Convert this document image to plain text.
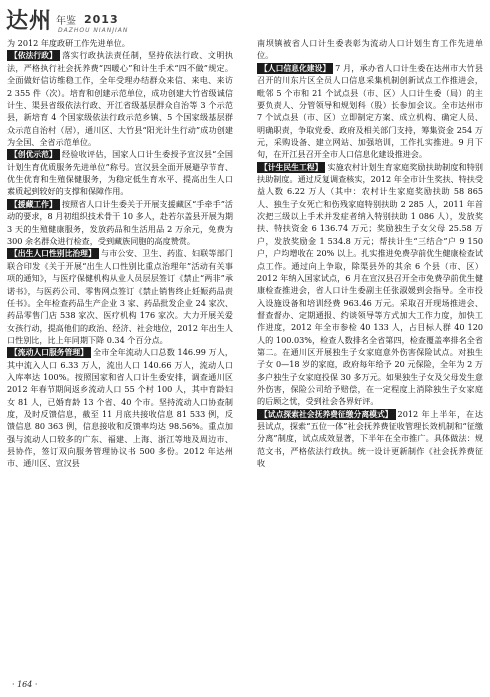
达州 年鉴 2013
DAZHOU NIANJIAN

为 2012 年度政研工作先进单位。

【依法行政】 落实行政执法责任制，坚持依法行政、文明执法，严格执行社会抚养费“四暖心”和计生手术“四不做”规定。全面做好信访维稳工作，全年受理办结群众来信、来电、来访 2 355 件（次）。培育和创建示范单位，成功创建大竹省级诚信计生、渠县省级依法行政、开江省级基层群众自治等 3 个示范县，新培育 4 个国家级依法行政示范乡镇、5 个国家级基层群众示范自治村（居），通川区、大竹县“阳光计生行动”成功创建为全国、全省示范单位。

【创优示范】 经验收评估，国家人口计生委授予宣汉县“全国计划生育优质服务先进单位”称号。宣汉县全面开展避孕节育、优生优育和生殖保健服务，为稳定低生育水平、提高出生人口素质起到较好的支撑和保障作用。

【援藏工作】 按照省人口计生委关于开展支援藏区“手牵手”活动的要求，8 月初组织技术骨干 10 多人，赴若尔盖县开展为期 3 天的生殖健康服务，发放药品和生活用品 2 万余元，免费为 300 余名群众进行检查，受到藏族同胞的高度赞赏。

【出生人口性别比治理】 与市公安、卫生、药监、妇联等部门联合印发《关于开展“出生人口性别比重点治理年”活动有关事项的通知》，与医疗保健机构从业人员层层签订《禁止“两非”承诺书》，与医药公司、零售网点签订《禁止销售终止妊娠药品责任书》。全年检查药品生产企业 3 家、药品批发企业 24 家次、药品零售门店 538 家次、医疗机构 176 家次。大力开展关爱女孩行动，提高他们的政治、经济、社会地位，2012 年出生人口性别比，比上年同期下降 0.34 个百分点。

【流动人口服务管理】 全市全年流动人口总数 146.99 万人，其中流入人口 6.33 万人，流出人口 140.66 万人，流动人口入库率达 100%。按照国家和省人口计生委安排，调查通川区 2012 年春节期间返乡流动人口 55 个村 100 人，其中育龄妇女 81 人，已婚育龄 13 个省、40 个市。坚持流动人口协查制度，及时反馈信息，截至 11 月底共接收信息 81 533 例，反馈信息 80 363 例，信息接收和反馈率均达 98.56%。重点加强与流动人口较多的广东、福建、上海、浙江等地及周边市、县协作，签订双向服务管理协议书 500 多份。2012 年达州市、通川区、宣汉县

南坝镇被省人口计生委表彰为流动人口计划生育工作先进单位。

【人口信息化建设】 7 月，承办省人口计生委在达州市大竹县召开的川东片区全员人口信息采集机制创新试点工作推进会，毗邻 5 个市和 21 个试点县（市、区）人口计生委（局）的主要负责人、分管领导和规划科（股）长参加会议。全市达州市 7 个试点县（市、区）立即制定方案、成立机构、确定人员、明确职责，争取党委、政府及相关部门支持，筹集资金 254 万元，采购设备、建立网站、加强培训，工作扎实推进。9 月下旬，在开江县召开全市人口信息化建设推进会。

【计生民生工程】 实施农村计划生育家庭奖励扶助制度和特别扶助制度。通过反复调查核实，2012 年全市计生奖扶、特扶受益人数 6.22 万人（其中：农村计生家庭奖励扶助 58 865 人、独生子女死亡和伤残家庭特别扶助 2 285 人，2011 年首次把三级以上手术并发症者纳入特别扶助 1 086 人），发放奖扶、特扶资金 6 136.74 万元；奖励独生子女父母 25.58 万户，发放奖励金 1 534.8 万元；帮扶计生“三结合”户 9 150 户，户均增收在 20% 以上。扎实推进免费孕前优生健康检查试点工作。通过向上争取，除渠县外的其余 6 个县（市、区）2012 年纳入国家试点，6 月在宣汉县召开全市免费孕前优生健康检查推进会，省人口计生委副主任张淑媛到会指导。全市投入设施设备和培训经费 963.46 万元。采取召开现场推进会、督查督办、定期通报、约谈领导等方式加大工作力度，加快工作进度，2012 年全市参检 40 133 人，占目标人群 40 120 人的 100.03%，检查人数排名全省第四，检查覆盖率排名全省第二。在通川区开展独生子女家庭意外伤害保险试点。对独生子女 0—18 岁的家庭，政府每年给予 20 元保险，全年为 2 万多户独生子女家庭投保 30 多万元。如果独生子女及父母发生意外伤害，保险公司给予赔偿，在一定程度上消除独生子女家庭的后顾之忧，受到社会各界好评。

【试点探索社会抚养费征缴分离模式】 2012 年上半年，在达县试点，探索“五位一体”社会抚养费征收管理长效机制和“征缴分离”制度，试点成效显著，下半年在全市推广。具体做法：规范文书，严格依法行政执。统一设计更新制作《社会抚养费征收

· 164 ·
